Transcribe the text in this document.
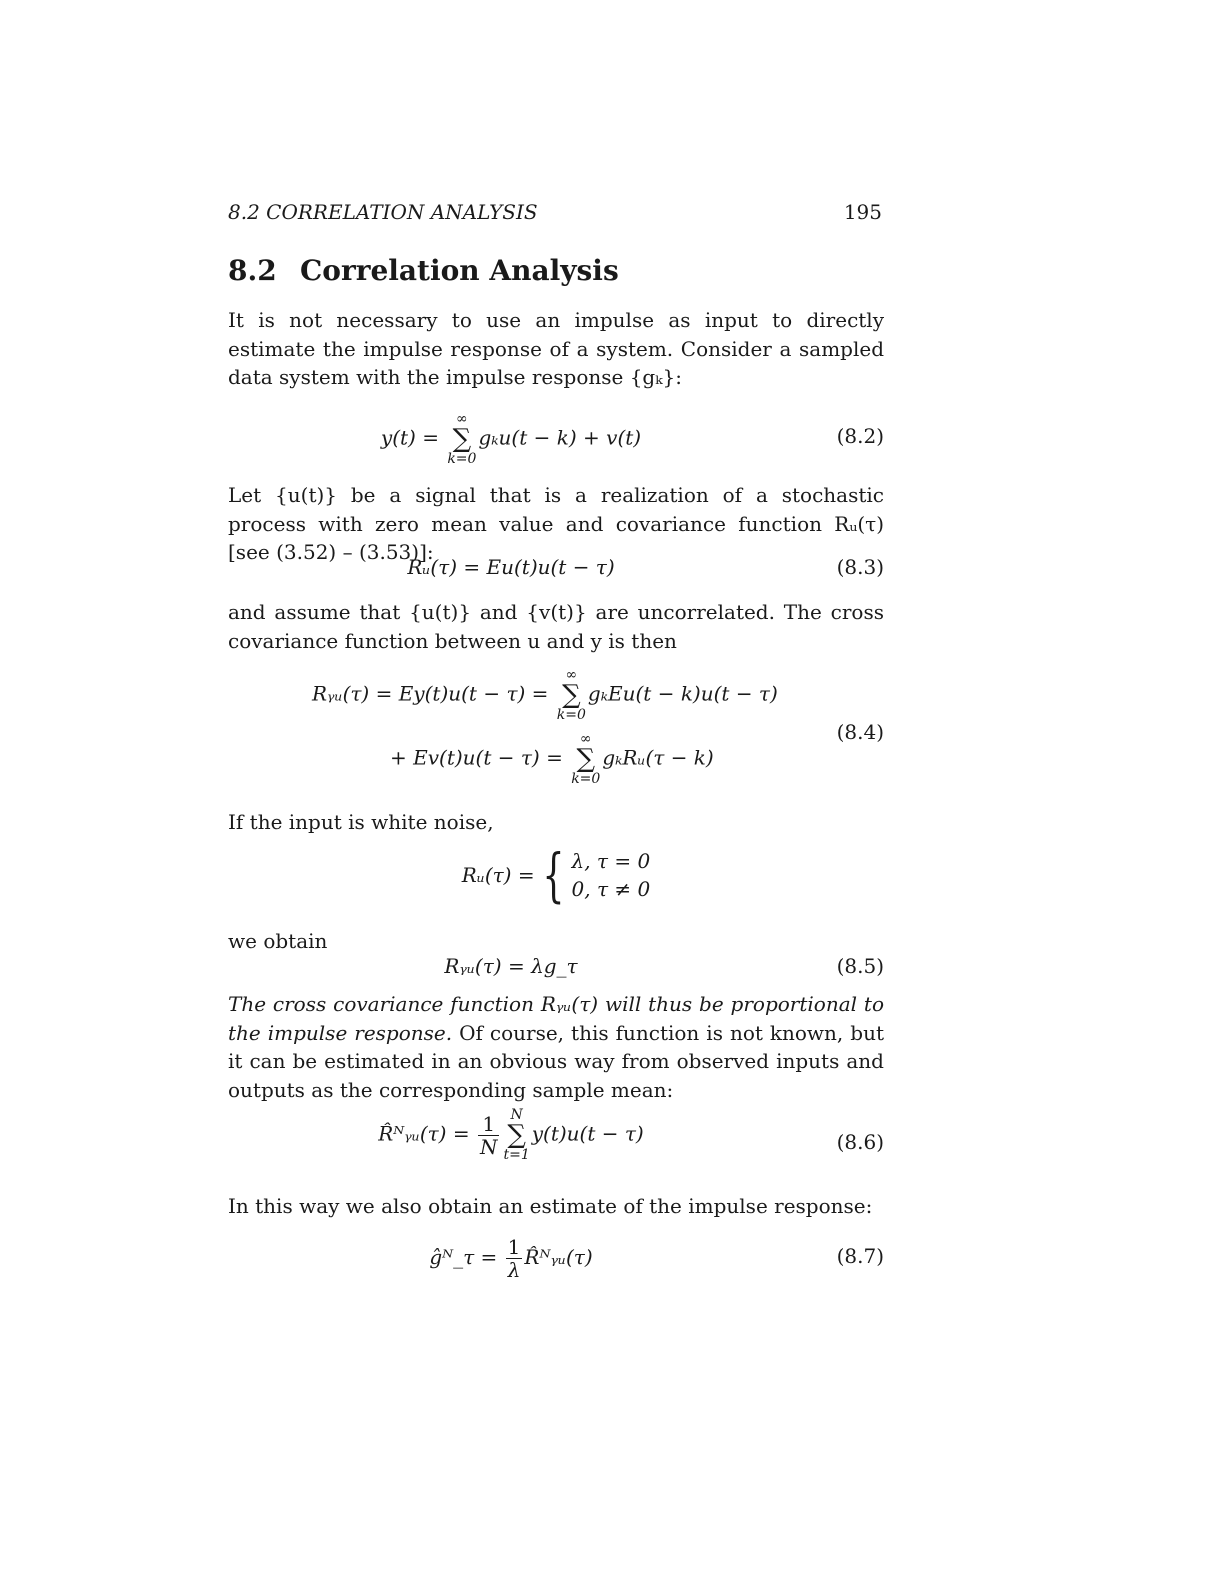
8.2 CORRELATION ANALYSIS	195
8.2 Correlation Analysis

It is not necessary to use an impulse as input to directly estimate the impulse response of a system. Consider a sampled data system with the impulse response {gₖ}:

y(t) =
∞
∑
k=0
gₖu(t − k) + v(t)	(8.2)

Let {u(t)} be a signal that is a realization of a stochastic process with zero mean value and covariance function Rᵤ(τ) [see (3.52) – (3.53)]:

Rᵤ(τ) = Eu(t)u(t − τ)	(8.3)

and assume that {u(t)} and {v(t)} are uncorrelated. The cross covariance function between u and y is then

Rᵧᵤ(τ) = Ey(t)u(t − τ) =
∞
∑
k=0
gₖEu(t − k)u(t − τ)
+ Ev(t)u(t − τ) =
∞
∑
k=0
gₖRᵤ(τ − k)
(8.4)

If the input is white noise,

Rᵤ(τ) ={ λ, τ = 0
0, τ ≠ 0

we obtain

Rᵧᵤ(τ) = λg_τ	(8.5)

The cross covariance function Rᵧᵤ(τ) will thus be proportional to the impulse response. Of course, this function is not known, but it can be estimated in an obvious way from observed inputs and outputs as the corresponding sample mean:

R̂ᴺᵧᵤ(τ) = $\frac{1}{N}$ N
∑
t=1
y(t)u(t − τ)	(8.6)

In this way we also obtain an estimate of the impulse response:

ĝᴺ_τ = $\frac{1}{\lambda}$ R̂ᴺᵧᵤ(τ)	(8.7)
